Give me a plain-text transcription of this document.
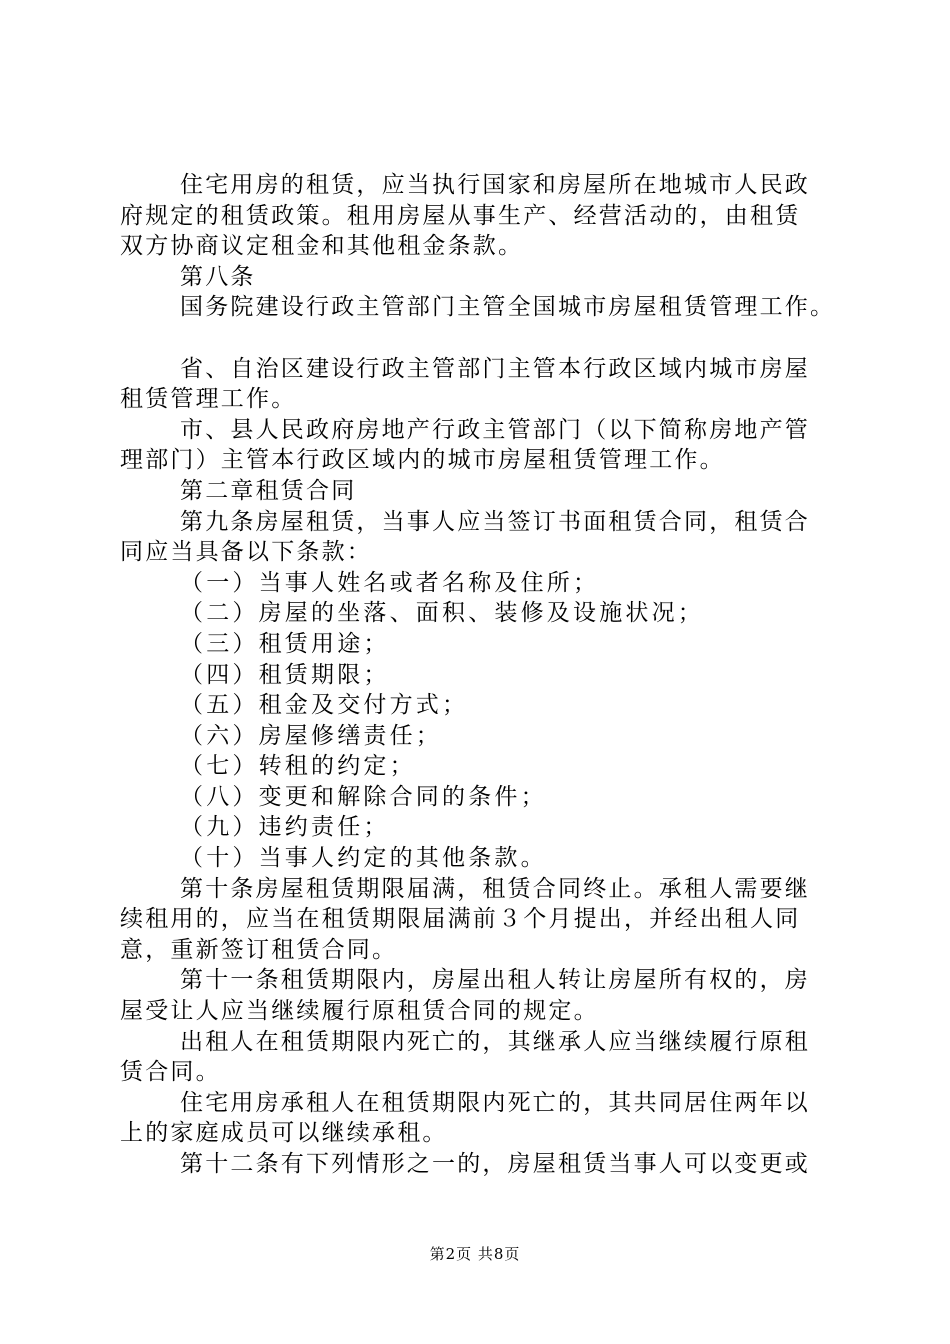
住宅用房的租赁，应当执行国家和房屋所在地城市人民政
府规定的租赁政策。租用房屋从事生产、经营活动的，由租赁
双方协商议定租金和其他租金条款。
第八条
国务院建设行政主管部门主管全国城市房屋租赁管理工作。
省、自治区建设行政主管部门主管本行政区域内城市房屋
租赁管理工作。
市、县人民政府房地产行政主管部门（以下简称房地产管
理部门）主管本行政区域内的城市房屋租赁管理工作。
第二章租赁合同
第九条房屋租赁，当事人应当签订书面租赁合同，租赁合
同应当具备以下条款：
（一）当事人姓名或者名称及住所；
（二）房屋的坐落、面积、装修及设施状况；
（三）租赁用途；
（四）租赁期限；
（五）租金及交付方式；
（六）房屋修缮责任；
（七）转租的约定；
（八）变更和解除合同的条件；
（九）违约责任；
（十）当事人约定的其他条款。
第十条房屋租赁期限届满，租赁合同终止。承租人需要继
续租用的，应当在租赁期限届满前３个月提出，并经出租人同
意，重新签订租赁合同。
第十一条租赁期限内，房屋出租人转让房屋所有权的，房
屋受让人应当继续履行原租赁合同的规定。
出租人在租赁期限内死亡的，其继承人应当继续履行原租
赁合同。
住宅用房承租人在租赁期限内死亡的，其共同居住两年以
上的家庭成员可以继续承租。
第十二条有下列情形之一的，房屋租赁当事人可以变更或
第2页 共8页
